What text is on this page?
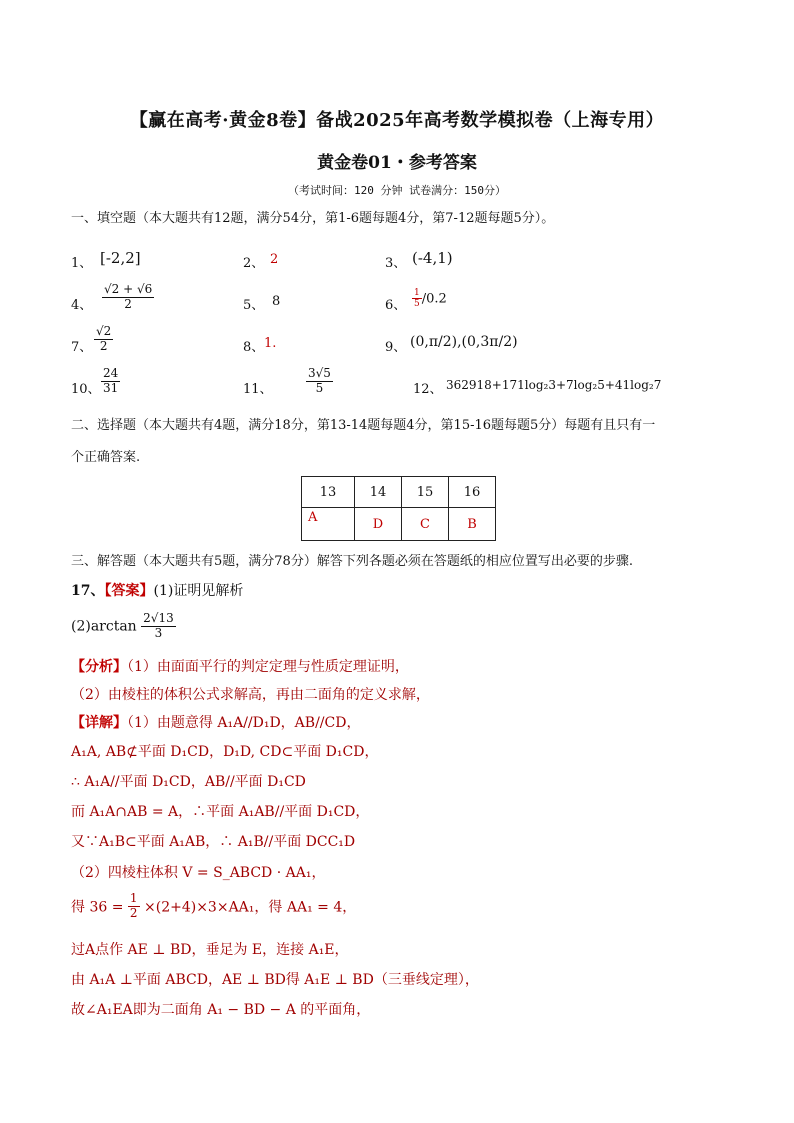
【赢在高考·黄金8卷】备战2025年高考数学模拟卷（上海专用）
黄金卷01・参考答案
（考试时间：120 分钟 试卷满分：150分）
一、填空题（本大题共有12题，满分54分，第1-6题每题4分，第7-12题每题5分）。
1、 [-2,2]	2、 2	3、 (-4,1)
4、 $\frac{√2 + √6}{2}$	5、 8	6、 $\frac{1}{5} /0.2$
7、 $\frac{√2}{2}$	8、 1.	9、 (0,π/2),(0,3π/2)
10、 $\frac{24}{31}$	11、	$\frac{3√5}{5}$	12、 362918+171log₂3+7log₂5+41log₂7
二、选择题（本大题共有4题，满分18分，第13-14题每题4分，第15-16题每题5分）每题有且只有一
个正确答案.
13	14	15	16
A	D	C	B
三、解答题（本大题共有5题，满分78分）解答下列各题必须在答题纸的相应位置写出必要的步骤.
17、【答案】(1)证明见解析
$(2)\arctan \frac{2√13}{3}$
【分析】（1）由面面平行的判定定理与性质定理证明，
（2）由棱柱的体积公式求解高，再由二面角的定义求解，
【详解】（1）由题意得 A₁A//D₁D，AB//CD，
A₁A, AB⊄平面 D₁CD，D₁D, CD⊂平面 D₁CD，
∴ A₁A//平面 D₁CD，AB//平面 D₁CD
而 A₁A∩AB = A，∴平面 A₁AB//平面 D₁CD，
又∵A₁B⊂平面 A₁AB，∴ A₁B//平面 DCC₁D
（2）四棱柱体积 V = S_ABCD · AA₁，
得 $36 = \frac{1}{2} \times(2+4)\times 3\times AA_1$，得 AA₁ = 4，
过A点作 AE ⊥ BD，垂足为 E，连接 A₁E，
由 A₁A ⊥平面 ABCD，AE ⊥ BD得 A₁E ⊥ BD（三垂线定理），
故∠A₁EA即为二面角 A₁ − BD − A 的平面角，
